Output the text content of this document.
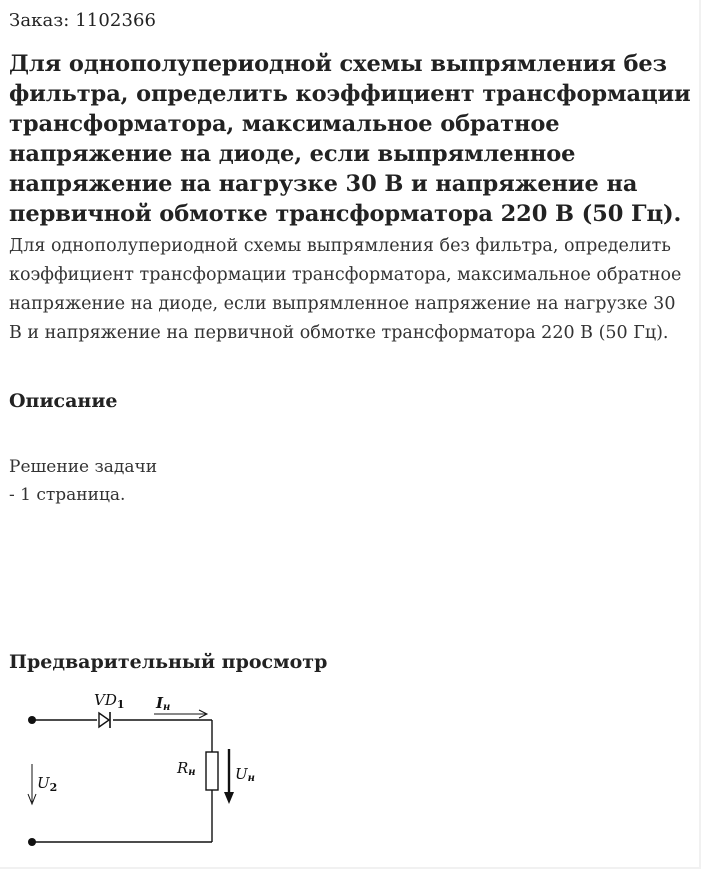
Заказ: 1102366
Для однополупериодной схемы выпрямления без фильтра, определить коэффициент трансформации трансформатора, максимальное обратное напряжение на диоде, если выпрямленное напряжение на нагрузке 30 В и напряжение на первичной обмотке трансформатора 220 В (50 Гц).

Для однополупериодной схемы выпрямления без фильтра, определить коэффициент трансформации трансформатора, максимальное обратное напряжение на диоде, если выпрямленное напряжение на нагрузке 30 В и напряжение на первичной обмотке трансформатора 220 В (50 Гц).

Описание
Решение задачи
- 1 страница.
Предварительный просмотр
$VD_1$ Iн
Rн	Uн
$U_2$
